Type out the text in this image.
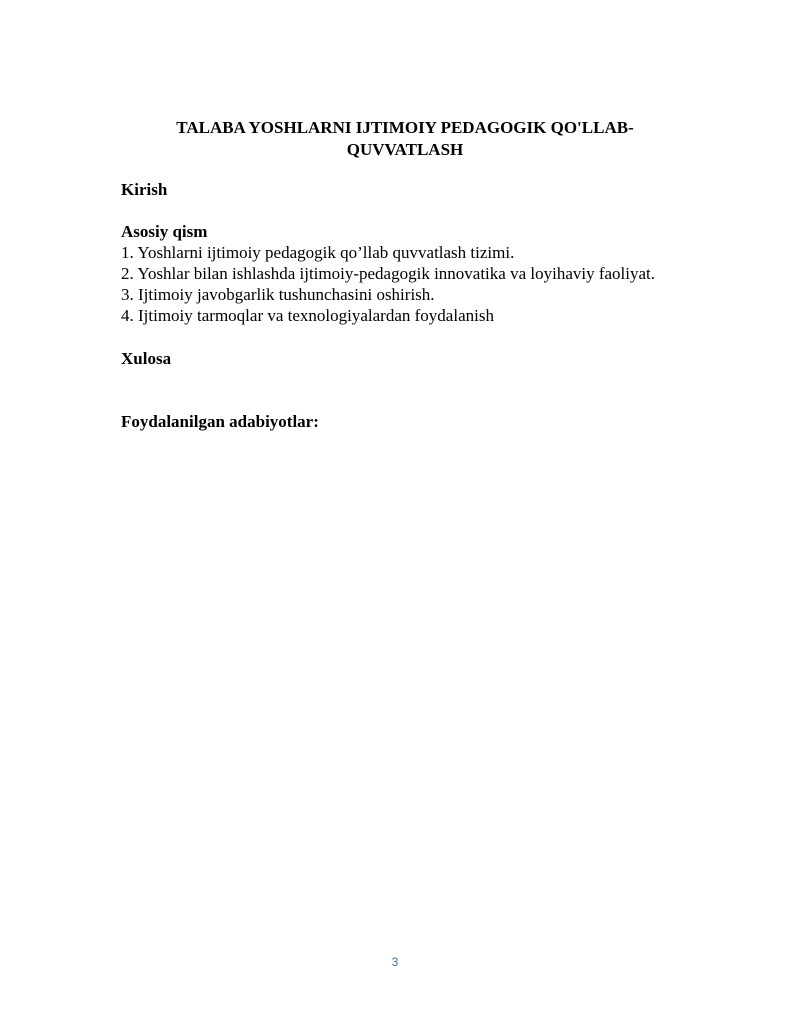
TALABA YOSHLARNI IJTIMOIY PEDAGOGIK QO'LLAB-QUVVATLASH
Kirish
Asosiy qism
1. Yoshlarni ijtimoiy pedagogik qo’llab quvvatlash tizimi.
2. Yoshlar bilan ishlashda ijtimoiy-pedagogik innovatika va loyihaviy faoliyat.
3. Ijtimoiy javobgarlik tushunchasini oshirish.
4. Ijtimoiy tarmoqlar va texnologiyalardan foydalanish
Xulosa
Foydalanilgan adabiyotlar:
3
